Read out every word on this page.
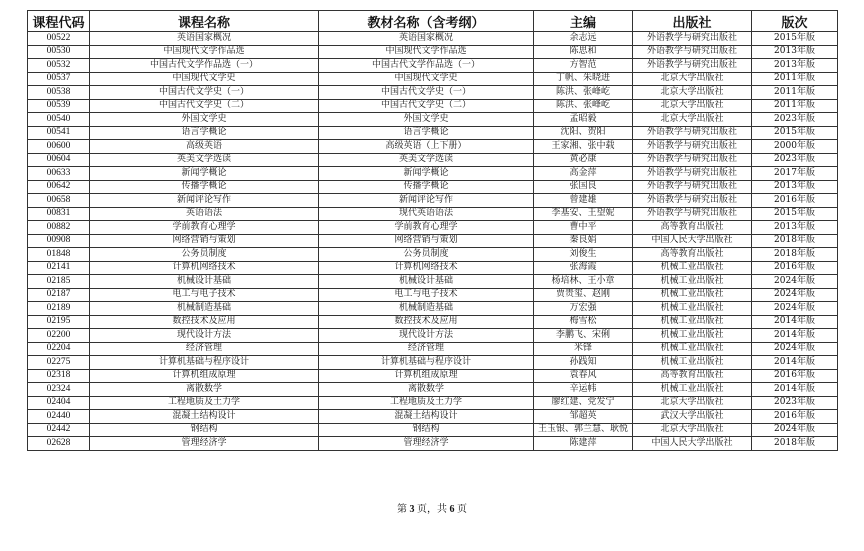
课程代码	课程名称	教材名称（含考纲）	主编	出版社	版次
00522	英语国家概况	英语国家概况	余志远	外语教学与研究出版社	2015年版
00530	中国现代文学作品选	中国现代文学作品选	陈思和	外语教学与研究出版社	2013年版
00532	中国古代文学作品选（一）	中国古代文学作品选（一）	方智范	外语教学与研究出版社	2013年版
00537	中国现代文学史	中国现代文学史	丁帆、朱晓进	北京大学出版社	2011年版
00538	中国古代文学史（一）	中国古代文学史（一）	陈洪、张峰屹	北京大学出版社	2011年版
00539	中国古代文学史（二）	中国古代文学史（二）	陈洪、张峰屹	北京大学出版社	2011年版
00540	外国文学史	外国文学史	孟昭毅	北京大学出版社	2023年版
00541	语言学概论	语言学概论	沈阳、贺阳	外语教学与研究出版社	2015年版
00600	高级英语	高级英语（上下册）	王家湘、张中载	外语教学与研究出版社	2000年版
00604	英美文学选读	英美文学选读	黄必康	外语教学与研究出版社	2023年版
00633	新闻学概论	新闻学概论	高金萍	外语教学与研究出版社	2017年版
00642	传播学概论	传播学概论	张国良	外语教学与研究出版社	2013年版
00658	新闻评论写作	新闻评论写作	曾建雄	外语教学与研究出版社	2016年版
00831	英语语法	现代英语语法	李基安、王望妮	外语教学与研究出版社	2015年版
00882	学前教育心理学	学前教育心理学	曹中平	高等教育出版社	2013年版
00908	网络营销与策划	网络营销与策划	秦良娟	中国人民大学出版社	2018年版
01848	公务员制度	公务员制度	刘俊生	高等教育出版社	2018年版
02141	计算机网络技术	计算机网络技术	张海霞	机械工业出版社	2016年版
02185	机械设计基础	机械设计基础	杨培林、王小章	机械工业出版社	2024年版
02187	电工与电子技术	电工与电子技术	贾贵玺、赵刚	机械工业出版社	2024年版
02189	机械制造基础	机械制造基础	万宏强	机械工业出版社	2024年版
02195	数控技术及应用	数控技术及应用	梅雪松	机械工业出版社	2014年版
02200	现代设计方法	现代设计方法	李鹏飞、宋俐	机械工业出版社	2014年版
02204	经济管理	经济管理	米锋	机械工业出版社	2024年版
02275	计算机基础与程序设计	计算机基础与程序设计	孙践知	机械工业出版社	2014年版
02318	计算机组成原理	计算机组成原理	袁春风	高等教育出版社	2016年版
02324	离散数学	离散数学	辛运帏	机械工业出版社	2014年版
02404	工程地质及土力学	工程地质及土力学	廖红建、党发宁	北京大学出版社	2023年版
02440	混凝土结构设计	混凝土结构设计	邹超英	武汉大学出版社	2016年版
02442	钢结构	钢结构	王玉银、郭兰慧、耿悦	北京大学出版社	2024年版
02628	管理经济学	管理经济学	陈建萍	中国人民大学出版社	2018年版
第 3 页，共 6 页
